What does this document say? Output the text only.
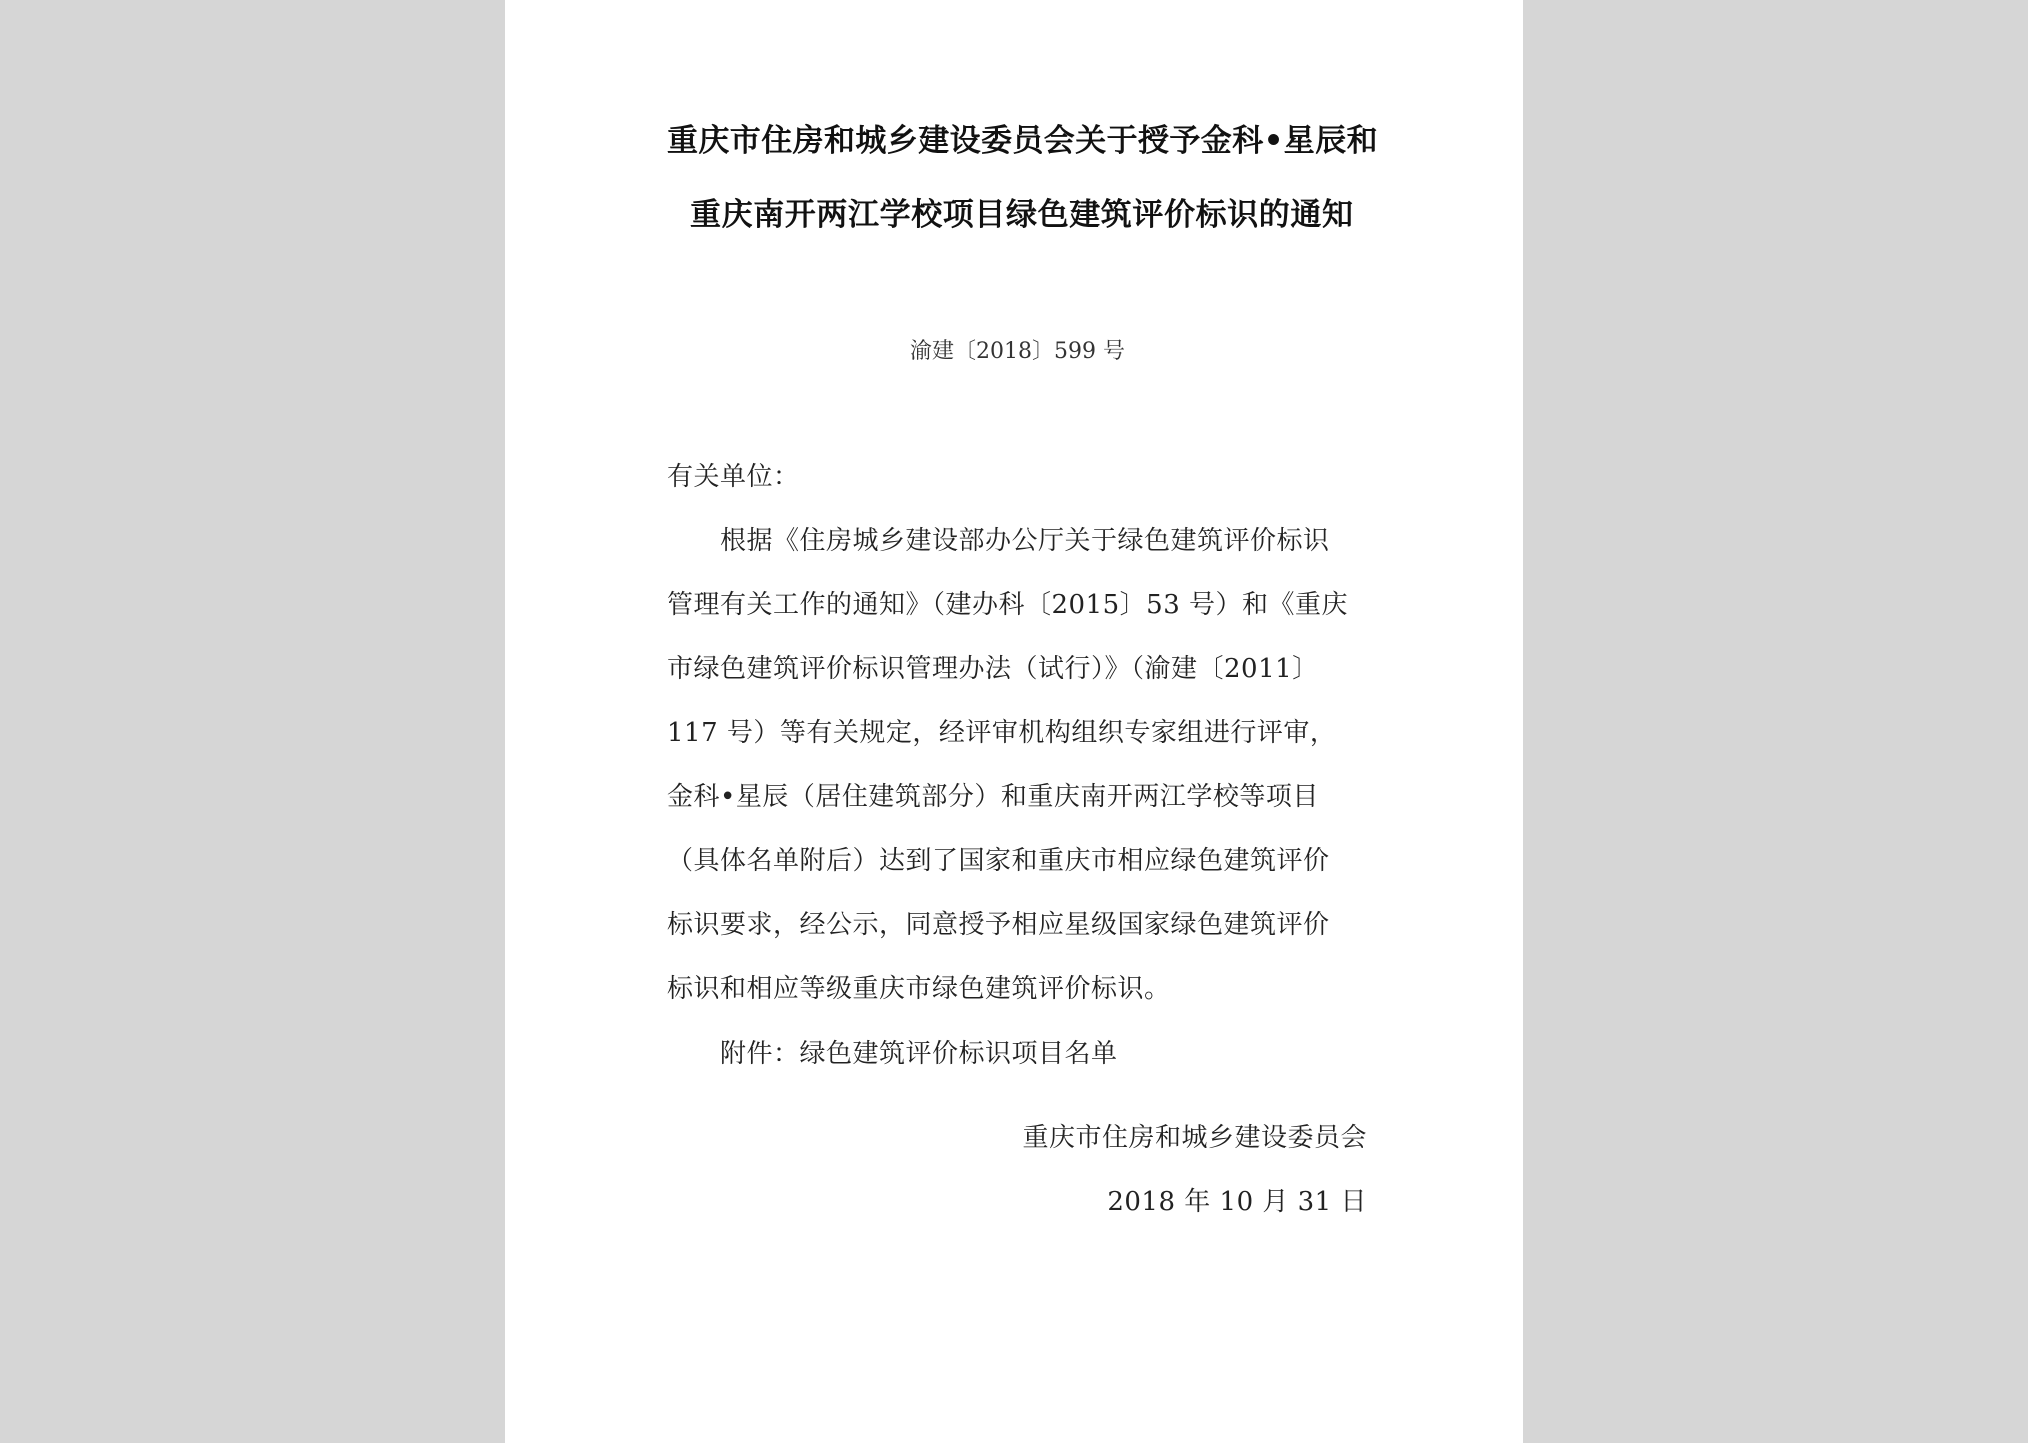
重庆市住房和城乡建设委员会关于授予金科•星辰和
重庆南开两江学校项目绿色建筑评价标识的通知
渝建〔2018〕599 号
有关单位：
根据《住房城乡建设部办公厅关于绿色建筑评价标识
管理有关工作的通知》（建办科〔2015〕53 号）和《重庆
市绿色建筑评价标识管理办法（试行）》（渝建〔2011〕
117 号）等有关规定，经评审机构组织专家组进行评审，
金科•星辰（居住建筑部分）和重庆南开两江学校等项目
（具体名单附后）达到了国家和重庆市相应绿色建筑评价
标识要求，经公示，同意授予相应星级国家绿色建筑评价
标识和相应等级重庆市绿色建筑评价标识。
附件：绿色建筑评价标识项目名单
重庆市住房和城乡建设委员会
2018 年 10 月 31 日
